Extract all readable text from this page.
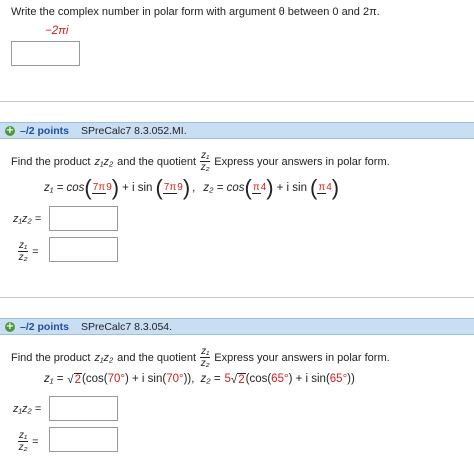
Write the complex number in polar form with argument θ between 0 and 2π.
−2πi
+ –/2 points SPreCalc7 8.3.052.MI.
Find the product z₁z₂ and the quotient $\frac{\text{z₁}}{\text{z₂}}$ Express your answers in polar form.
z₁ = cos ( 7π9 ) + i sin ( 7π9 ) , z₂ = cos ( π4 ) + i sin ( π4 )
z₁z₂ =
$\frac{\text{z₁}}{\text{z₂}}$ =
+ –/2 points SPreCalc7 8.3.054.
Find the product z₁z₂ and the quotient $\frac{\text{z₁}}{\text{z₂}}$ Express your answers in polar form.
z₁ = √2 (cos( 70° ) + i sin( 70° )), z₂ = 5 √2 (cos( 65° ) + i sin( 65° ))
z₁z₂ =
$\frac{\text{z₁}}{\text{z₂}}$ =
